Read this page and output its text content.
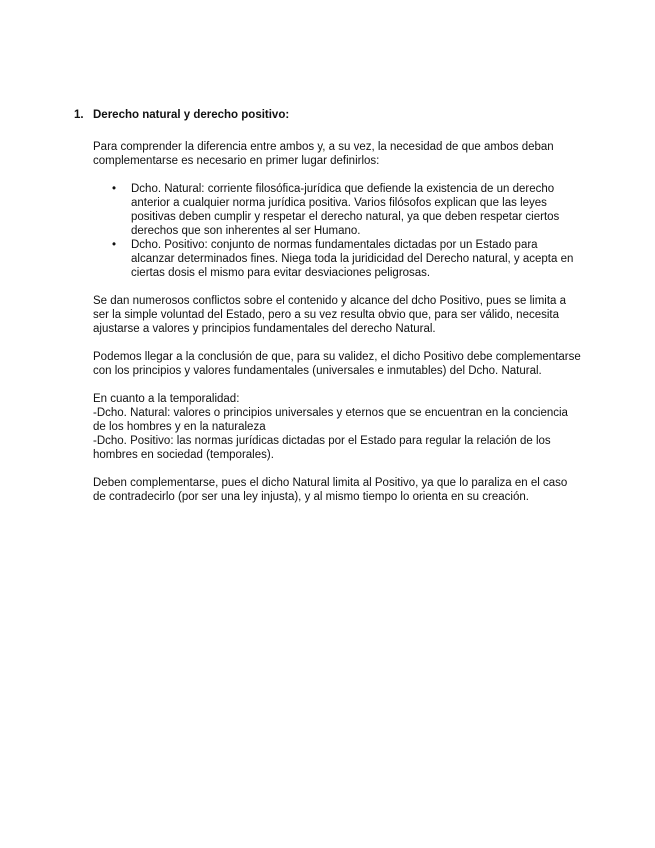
1. Derecho natural y derecho positivo:
Para comprender la diferencia entre ambos y, a su vez, la necesidad de que ambos deban
complementarse es necesario en primer lugar definirlos:
• Dcho. Natural: corriente filosófica-jurídica que defiende la existencia de un derecho
anterior a cualquier norma jurídica positiva. Varios filósofos explican que las leyes
positivas deben cumplir y respetar el derecho natural, ya que deben respetar ciertos
derechos que son inherentes al ser Humano.
• Dcho. Positivo: conjunto de normas fundamentales dictadas por un Estado para
alcanzar determinados fines. Niega toda la juridicidad del Derecho natural, y acepta en
ciertas dosis el mismo para evitar desviaciones peligrosas.
Se dan numerosos conflictos sobre el contenido y alcance del dcho Positivo, pues se limita a
ser la simple voluntad del Estado, pero a su vez resulta obvio que, para ser válido, necesita
ajustarse a valores y principios fundamentales del derecho Natural.
Podemos llegar a la conclusión de que, para su validez, el dicho Positivo debe complementarse
con los principios y valores fundamentales (universales e inmutables) del Dcho. Natural.
En cuanto a la temporalidad:
-Dcho. Natural: valores o principios universales y eternos que se encuentran en la conciencia
de los hombres y en la naturaleza
-Dcho. Positivo: las normas jurídicas dictadas por el Estado para regular la relación de los
hombres en sociedad (temporales).
Deben complementarse, pues el dicho Natural limita al Positivo, ya que lo paraliza en el caso
de contradecirlo (por ser una ley injusta), y al mismo tiempo lo orienta en su creación.
